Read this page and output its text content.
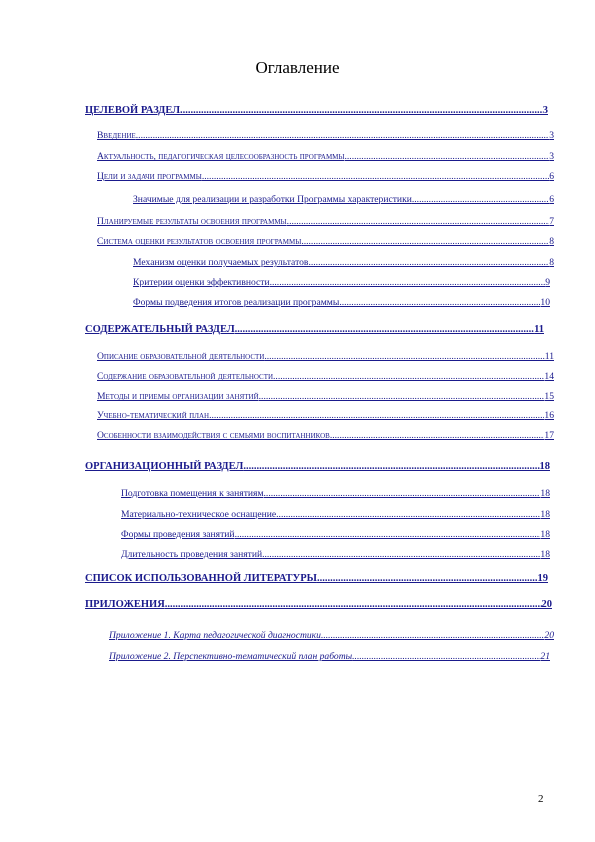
Оглавление
ЦЕЛЕВОЙ РАЗДЕЛ .....	3
Введение .....	3
Актуальность, педагогическая целесообразность программы .....	3
Цели и задачи программы .....	6
Значимые для реализации и разработки Программы характеристики .....	6
Планируемые результаты освоения программы .....	7
Система оценки результатов освоения программы .....	8
Механизм оценки получаемых результатов .....	8
Критерии оценки эффективности .....	9
Формы подведения итогов реализации программы .....	10
СОДЕРЖАТЕЛЬНЫЙ РАЗДЕЛ .....	11
Описание образовательной деятельности .....	11
Содержание образовательной деятельности .....	14
Методы и приемы организации занятий .....	15
Учебно-тематический план .....	16
Особенности взаимодействия с семьями воспитанников .....	17
ОРГАНИЗАЦИОННЫЙ РАЗДЕЛ .....	18
Подготовка помещения к занятиям .....	18
Материально-техническое оснащение .....	18
Формы проведения занятий .....	18
Длительность проведения занятий .....	18
СПИСОК ИСПОЛЬЗОВАННОЙ ЛИТЕРАТУРЫ .....	19
ПРИЛОЖЕНИЯ .....	20
Приложение 1. Карта педагогической диагностики .....	20
Приложение 2. Перспективно-тематический план работы .....	21
2
